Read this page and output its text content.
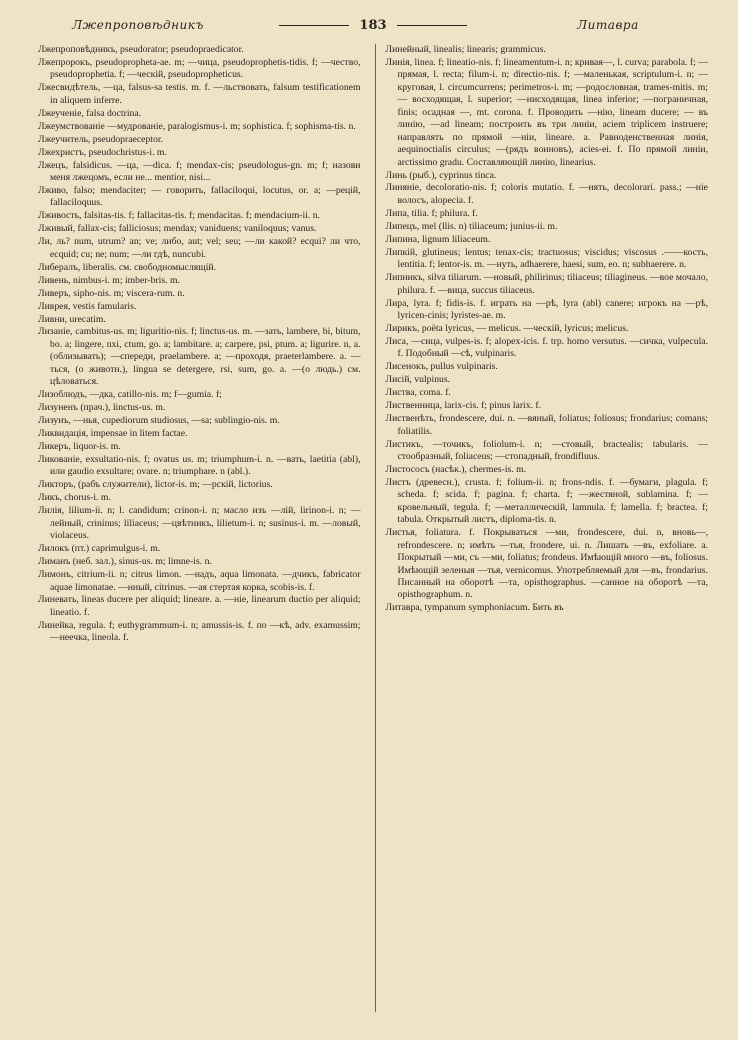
Лжепроповѣдникъ	183	Литавра

Лжепроповѣдникъ, pseudorator; pseudopraedicator.

Лжепророкъ, pseudopropheta-ae. m; —чица, pseudoprophetis-tidis. f; —чество, pseudoprophetia. f; —ческій, pseudopropheticus.

Лжесвидѣтель, —ца, falsus-sa testis. m. f. —льствовать, falsum testificationem in aliquem inferre.

Лжеученіе, falsa doctrina.

Лжеумствованіе —мудрованіе, paralogismus-i. m; sophistica. f; sophisma-tis. n.

Лжеучитель, pseudopraeceptor.

Лжехристъ, pseudochristus-i. m.

Лжецъ, falsidicus. —ца, —dica. f; mendax-cis; pseudologus-gn. m; f; назови меня лжецомъ, если не... mentior, nisi...

Лживо, falso; mendaciter; — говорить, fallaciloqui, locutus, or. a; —рецій, fallaciloquus.

Лживость, falsitas-tis. f; fallacitas-tis. f; mendacitas. f; mendacium-ii. n.

Лживый, fallax-cis; falliciosus; mendax; vaniduens; vaniloquus; vanus.

Ли, ль? num, utrum? an; ve; либо, aut; vel; seu; —ли какой? ecqui? ли что, ecquid; cu; ne; num; —ли гдѣ, nuncubi.

Либералъ, liberalis. см. свободномыслящій.

Ливень, nimbus-i. m; imber-bris. m.

Ливеръ, sipho-nis. m; viscera-rum. n.

Ливрея, vestis famularis.

Ливни, urecatim.

Лизаніе, cambitus-us. m; liguritio-nis. f; linctus-us. m. —зать, lambere, bi, bitum, bo. a; lingere, nxi, ctum, go. a; lambitare. a; carpere, psi, ptum. a; ligurire. n, a. (облизывать); —спереди, praelambere. a; —проходя, praeterlambere. a. —ться, (о животн.), lingua se detergere, rsi, sum, go. a. —(о людь.) см. цѣловаться.

Лизоблюдъ, —дка, catillo-nis. m; f—gumia. f;

Лизуненъ (прач.), linctus-us. m.

Лизунъ, —нья, cupediorum studiosus, —sa; sublingio-nis. m.

Ликвидація, impensae in litem factae.

Ликеръ, liquor-is. m.

Ликованіе, exsultatio-nis. f; ovatus us. m; triumphum-i. n. —вать, laetitia (abl), или gaudio exsultare; ovare. n; triumphare. n (abl.).

Ликторъ, (рабъ служители), lictor-is. m; —рскій, lictorius.

Ликъ, chorus-i. m.

Лилія, lilium-ii. n; l. candidum; crinon-i. n; масло изъ —лій, lirinon-i. n; —лейный, crininus; liliaceus; —цвѣтникъ, lilietum-i. n; susinus-i. m. —ловый, violaceus.

Лилокъ (пт.) caprimulgus-i. m.

Лиманъ (неб. зал.), sinus-us. m; limne-is. n.

Лимонъ, citrium-ii. n; citrus limon. —надъ, aqua limonata. —дчикъ, fabricator aquae limonatae. —нный, citrinus. —ая стертая корка, scobis-is. f.

Линевать, lineas ducere per aliquid; lineare. a. —ніе, linearum ductio per aliquid; lineatio. f.

Линейка, regula. f; euthygrammum-i. n; amussis-is. f. по —кѣ, adv. examussim; —неечка, lineola. f.

Линейный, linealis; linearis; grammicus.

Линія, linea. f; lineatio-nis. f; lineamentum-i. n; кривая—, l. curva; parabola. f; —прямая, l. recta; filum-i. n; directio-nis. f; —маленькая, scriptulum-i. n; —круговая, l. circumcurrens; perimetros-i. m; —родословная, trames-mitis. m; — восходящая, l. superior; —нисходящая, linea inferior; —пограничная, finis; осадная —, mt. corona. f. Проводить —нію, lineam ducere; — въ линію, —ad lineam; построить въ три линіи, aciem triplicem instruere; направлять по прямой —ніи, lineare. a. Равноденственная линія, aequinoctialis circulus; —(рядъ воиновъ), acies-ei. f. По прямой линіи, arctissimo gradu. Составляющій линію, linearius.

Линь (рыб.), cyprinus tinca.

Линяніе, decoloratio-nis. f; coloris mutatio. f. —нять, decolorari. pass.; —ніе волосъ, alopecia. f.

Липа, tilia. f; philura. f.

Липецъ, mel (llis. n) tiliaceum; junius-ii. m.

Липина, lignum liliaceum.

Липкій, glutineus; lentus; tenax-cis; tractuosus; viscidus; viscosus .——кость, lentitia. f; lentor-is. m. —нуть, adhaerere, haesi, sum, eo. n; subhaerere. n.

Липникъ, silva tiliarum. —новый, philirinus; tiliaceus; tiliagineus. —вое мочало, philura. f. —вица, succus tiliaceus.

Лира, lyra. f; fidis-is. f. играть на —рѣ, lyra (abl) canere; игрокъ на —рѣ, lyricen-cinis; lyristes-ae. m.

Лирикъ, poëta lyricus, — melicus. —ческій, lyricus; melicus.

Лиса, —сица, vulpes-is. f; alopex-icis. f. trp. homo versutus. —сичка, vulpecula. f. Подобный —сѣ, vulpinaris.

Лисенокъ, pullus vulpinaris.

Лисій, vulpinus.

Листва, coma. f.

Лиственница, larix-cis. f; pinus larix. f.

Лиственѣть, frondescere, dui. n. —вяный, foliatus; foliosus; frondarius; comans; foliatilis.

Листикъ, —точикъ, foliolum-i. n; —стовый, bractealis; tabularis. —стообразный, foliaceus; —стопадный, frondifluus.

Листососъ (насѣк.), chermes-is. m.

Листъ (древесн.), crusta. f; folium-ii. n; frons-ndis. f. —бумаги, plagula. f; scheda. f; scida. f; pagina. f; charta. f; —жестяной, sublamina. f; —кровельный, tegula. f; —металлическій, lamnula. f; lamella. f; bractea. f; tabula. Открытый листъ, diploma-tis. n.

Листья, foliatura. f. Покрываться —ми, frondescere, dui. n, вновь—, refrondescere. n; имѣть —тья, frondere, ui. n. Лишать —въ, exfoliare. a. Покрытый —ми, съ —ми, foliatus; frondeus. Имѣющій много —въ, foliosus. Имѣющій зеленыя —тья, vernicomus. Употребляемый для —въ, frondarius. Писанный на оборотѣ —та, opisthographus. —санное на оборотѣ —та, opisthographum. n.

Литавра, tympanum symphoniacum. Бить въ
